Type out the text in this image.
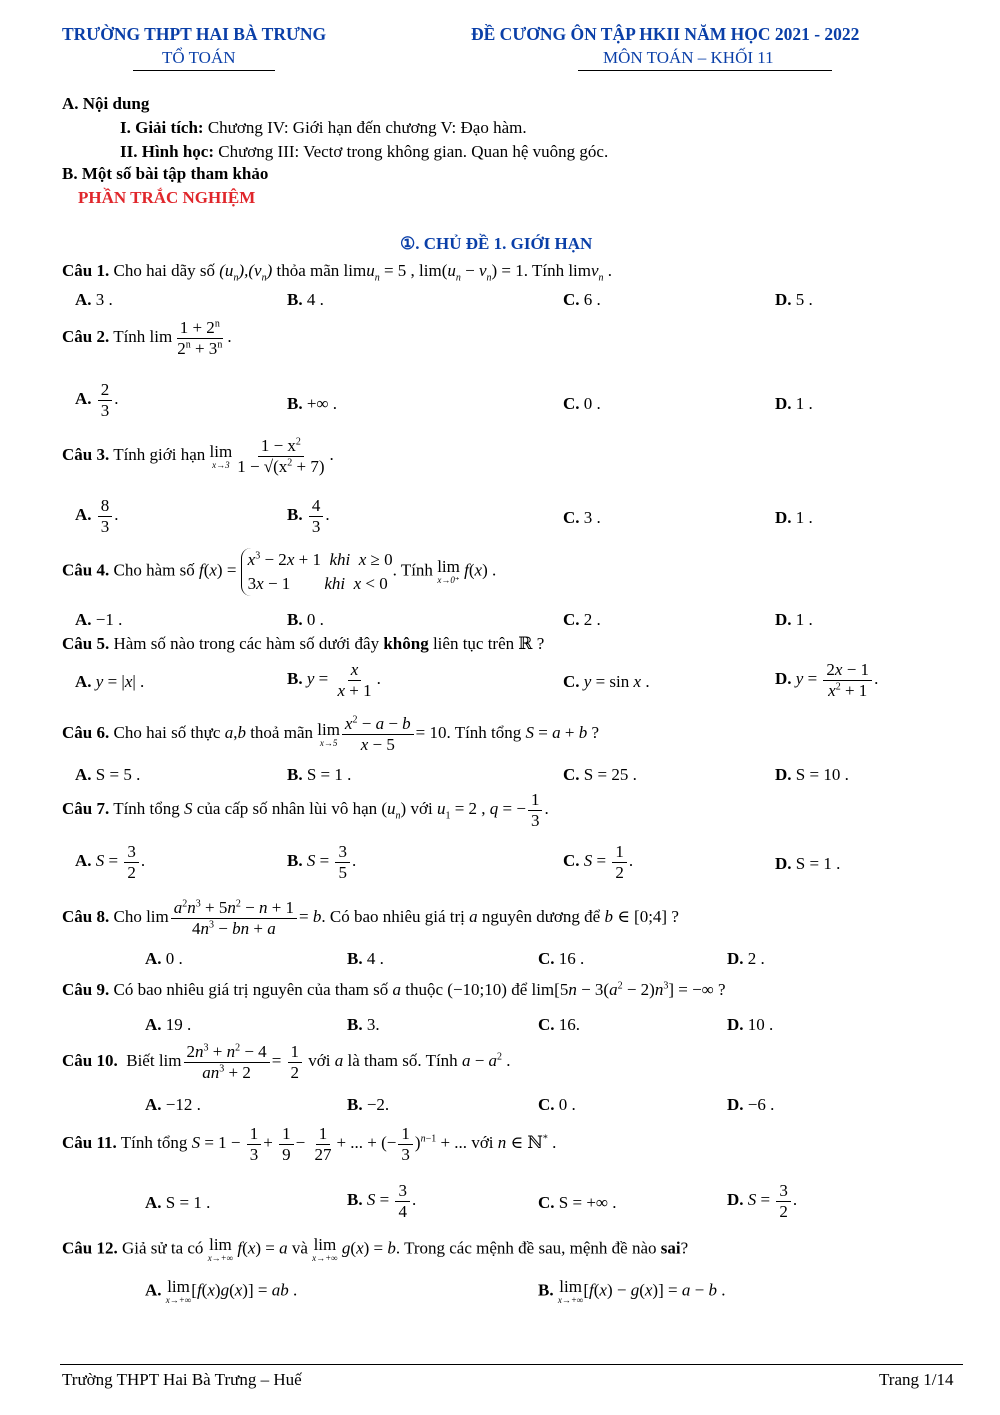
TRƯỜNG THPT HAI BÀ TRƯNG
TỔ TOÁN
ĐỀ CƯƠNG ÔN TẬP HKII NĂM HỌC 2021 - 2022
MÔN TOÁN – KHỐI 11
A. Nội dung
I. Giải tích: Chương IV: Giới hạn đến chương V: Đạo hàm.
II. Hình học: Chương III: Vectơ trong không gian. Quan hệ vuông góc.
B. Một số bài tập tham khảo
PHẦN TRẮC NGHIỆM
①. CHỦ ĐỀ 1. GIỚI HẠN
Câu 1. Cho hai dãy số $(u_n),(v_n)$ thỏa mãn limu$_n$ = 5 , $\lim(u_n - v_n) = 1$. Tính limv$_n$ .
A. 3 .	B. 4 .	C. 6 .	D. 5 .
Câu 2. Tính $\lim \frac{1 + 2^n}{2^n + 3^n}$ .
A. $\frac{2}{3}$ .	B. +∞ .	C. 0 .	D. 1 .
Câu 3. Tính giới hạn lim
$x\to 3 \frac{1 - x^2}{1 - √(x^2 + 7)}$ .
A. $\frac{8}{3}$ .	B. $\frac{4}{3}$ .	C. 3 .	D. 1 .
Câu 4. Cho hàm số $f(x) = x^3 - 2x + 1$  khi x ≥ 0
3x − 1        khi x < 0. Tính lim
x→0⁺
f(x) .
A. −1 .	B. 0 .	C. 2 .	D. 1 .
Câu 5. Hàm số nào trong các hàm số dưới đây không liên tục trên ℝ ?
A. y = |x| .	B. $y = \frac{x}{x + 1}$ .	C. y = sin x .	D. $y = \frac{2x - 1}{x^2 + 1}$ .
Câu 6. Cho hai số thực a,b thoả mãn lim
$x\to 5 \frac{x^2 - a - b}{x - 5} = 10$. Tính tổng S = a + b ?
A. S = 5 .	B. S = 1 .	C. S = 25 .	D. S = 10 .
Câu 7. Tính tổng S của cấp số nhân lùi vô hạn $(u_n)$ với $u_1 = 2$ , q = − $\frac{1}{3}$ .
A. $S = \frac{3}{2}$ .	B. $S = \frac{3}{5}$ .	C. $S = \frac{1}{2}$ .	D. S = 1 .
Câu 8. Cho $\lim \frac{a^2n^3 + 5n^2 - n + 1}{4n^3 - bn + a} = b$. Có bao nhiêu giá trị a nguyên dương để b ∈ [0;4] ?
A. 0 .	B. 4 .	C. 16 .	D. 2 .
Câu 9. Có bao nhiêu giá trị nguyên của tham số a thuộc (−10;10) để $\lim[5n - 3(a^2 - 2)n^3]$ = −∞ ?
A. 19 .	B. 3.	C. 16.	D. 10 .
Câu 10. Biết $\lim \frac{2n^3 + n^2 - 4}{an^3 + 2} = \frac{1}{2}$ với a là tham số. Tính $a - a^2$ .
A. −12 .	B. −2.	C. 0 .	D. −6 .
Câu 11. Tính tổng $S = 1 - \frac{1}{3} + \frac{1}{9} - \frac{1}{27}$ + ... + (− $\frac{1}{3} )^{n-1}$ + ... với n ∈ ℕ* .
A. S = 1 .	B. $S = \frac{3}{4}$ .	C. S = +∞ .	D. $S = \frac{3}{2}$ .
Câu 12. Giả sử ta có lim
x→+∞
f(x) = a và lim
x→+∞
g(x) = b. Trong các mệnh đề sau, mệnh đề nào sai?
A. lim
x→+∞
[f(x)g(x)] = ab .	B. lim
x→+∞
[f(x) − g(x)] = a − b .
Trường THPT Hai Bà Trưng – Huế	Trang 1/14
